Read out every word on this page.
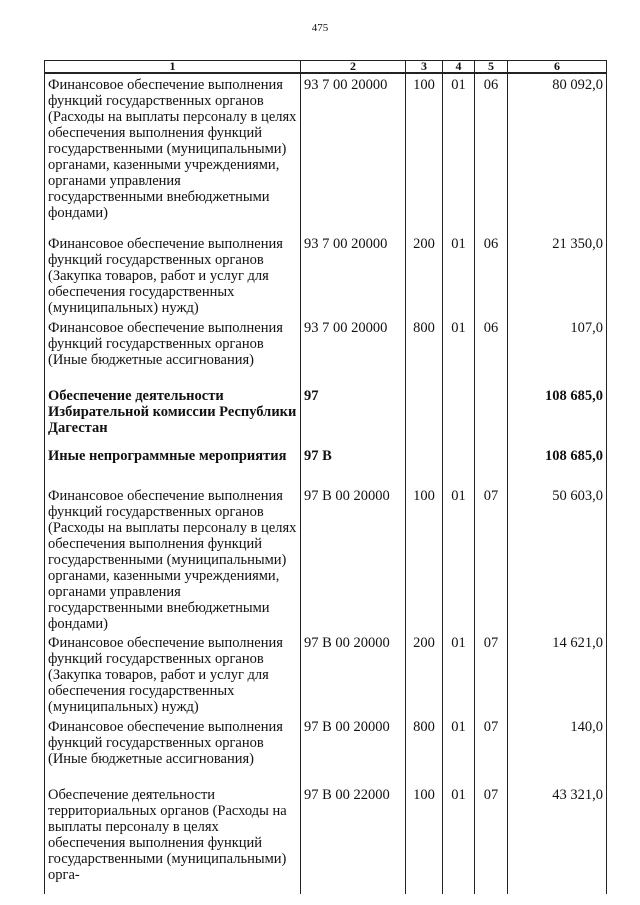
475
1	2	3	4	5	6
Финансовое обеспечение выполнения функций государственных органов (Расходы на выплаты персоналу в целях обеспечения выполнения функций государственными (муниципальными) органами, казенными учреждениями, органами управления государственными внебюджетными фондами)	93 7 00 20000	100	01	06	80 092,0
Финансовое обеспечение выполнения функций государственных органов (Закупка товаров, работ и услуг для обеспечения государственных (муниципальных) нужд)	93 7 00 20000	200	01	06	21 350,0
Финансовое обеспечение выполнения функций государственных органов (Иные бюджетные ассигнования)	93 7 00 20000	800	01	06	107,0
Обеспечение деятельности Избирательной комиссии Республики Дагестан	97				108 685,0
Иные непрограммные мероприятия	97 В				108 685,0
Финансовое обеспечение выполнения функций государственных органов (Расходы на выплаты персоналу в целях обеспечения выполнения функций государственными (муниципальными) органами, казенными учреждениями, органами управления государственными внебюджетными фондами)	97 В 00 20000	100	01	07	50 603,0
Финансовое обеспечение выполнения функций государственных органов (Закупка товаров, работ и услуг для обеспечения государственных (муниципальных) нужд)	97 В 00 20000	200	01	07	14 621,0
Финансовое обеспечение выполнения функций государственных органов (Иные бюджетные ассигнования)	97 В 00 20000	800	01	07	140,0
Обеспечение деятельности территориальных органов (Расходы на выплаты персоналу в целях обеспечения выполнения функций государственными (муниципальными) орга-	97 В 00 22000	100	01	07	43 321,0
